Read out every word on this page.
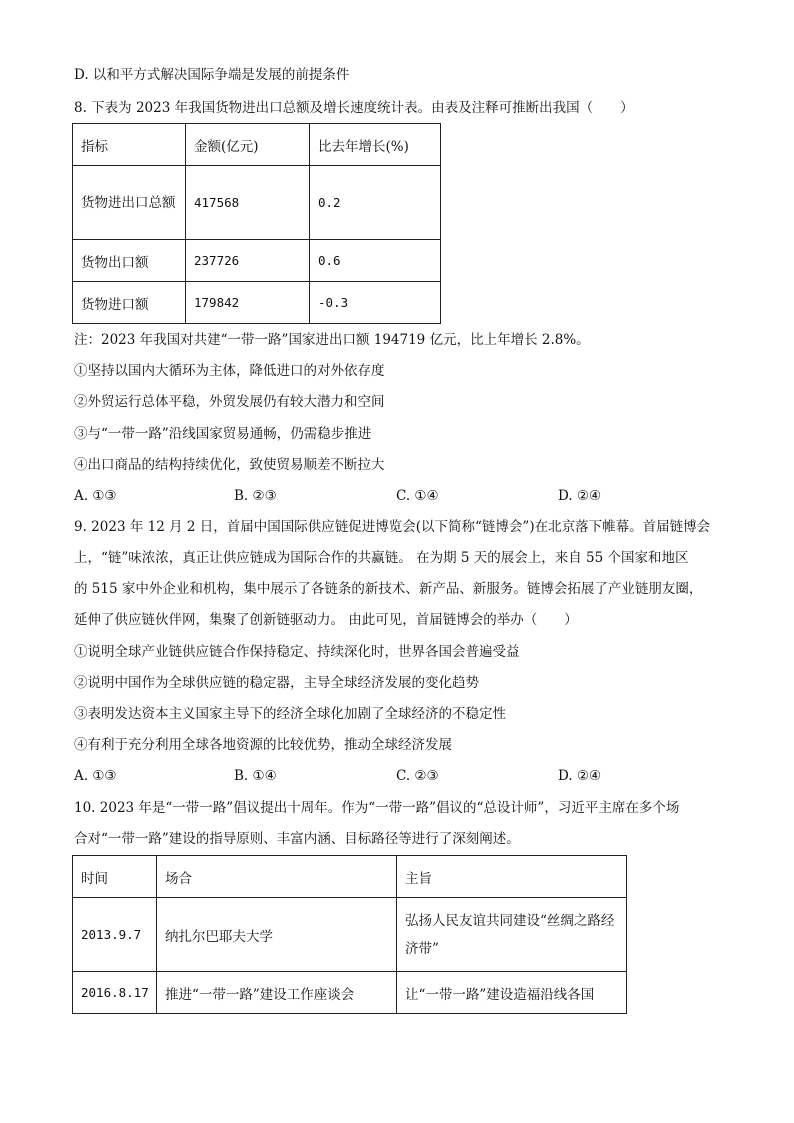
D. 以和平方式解决国际争端是发展的前提条件
8. 下表为 2023 年我国货物进出口总额及增长速度统计表。由表及注释可推断出我国（　　）
指标	金额(亿元)	比去年增长(%)
货物进出口总额	417568	0.2
货物出口额	237726	0.6
货物进口额	179842	-0.3
注：2023 年我国对共建“一带一路”国家进出口额 194719 亿元，比上年增长 2.8%。
①坚持以国内大循环为主体，降低进口的对外依存度
②外贸运行总体平稳，外贸发展仍有较大潜力和空间
③与“一带一路”沿线国家贸易通畅，仍需稳步推进
④出口商品的结构持续优化，致使贸易顺差不断拉大
A. ①③	B. ②③	C. ①④	D. ②④
9. 2023 年 12 月 2 日，首届中国国际供应链促进博览会(以下简称“链博会”)在北京落下帷幕。首届链博会
上，“链”味浓浓，真正让供应链成为国际合作的共赢链。 在为期 5 天的展会上，来自 55 个国家和地区
的 515 家中外企业和机构，集中展示了各链条的新技术、新产品、新服务。链博会拓展了产业链朋友圈，
延伸了供应链伙伴网，集聚了创新链驱动力。 由此可见，首届链博会的举办（　　）
①说明全球产业链供应链合作保持稳定、持续深化时，世界各国会普遍受益
②说明中国作为全球供应链的稳定器，主导全球经济发展的变化趋势
③表明发达资本主义国家主导下的经济全球化加剧了全球经济的不稳定性
④有利于充分利用全球各地资源的比较优势，推动全球经济发展
A. ①③	B. ①④	C. ②③	D. ②④
10. 2023 年是“一带一路”倡议提出十周年。作为“一带一路”倡议的“总设计师”，习近平主席在多个场
合对“一带一路”建设的指导原则、丰富内涵、目标路径等进行了深刻阐述。
时间	场合	主旨
2013.9.7	纳扎尔巴耶夫大学	弘扬人民友谊共同建设“丝绸之路经济带”
2016.8.17	推进“一带一路”建设工作座谈会	让“一带一路”建设造福沿线各国
